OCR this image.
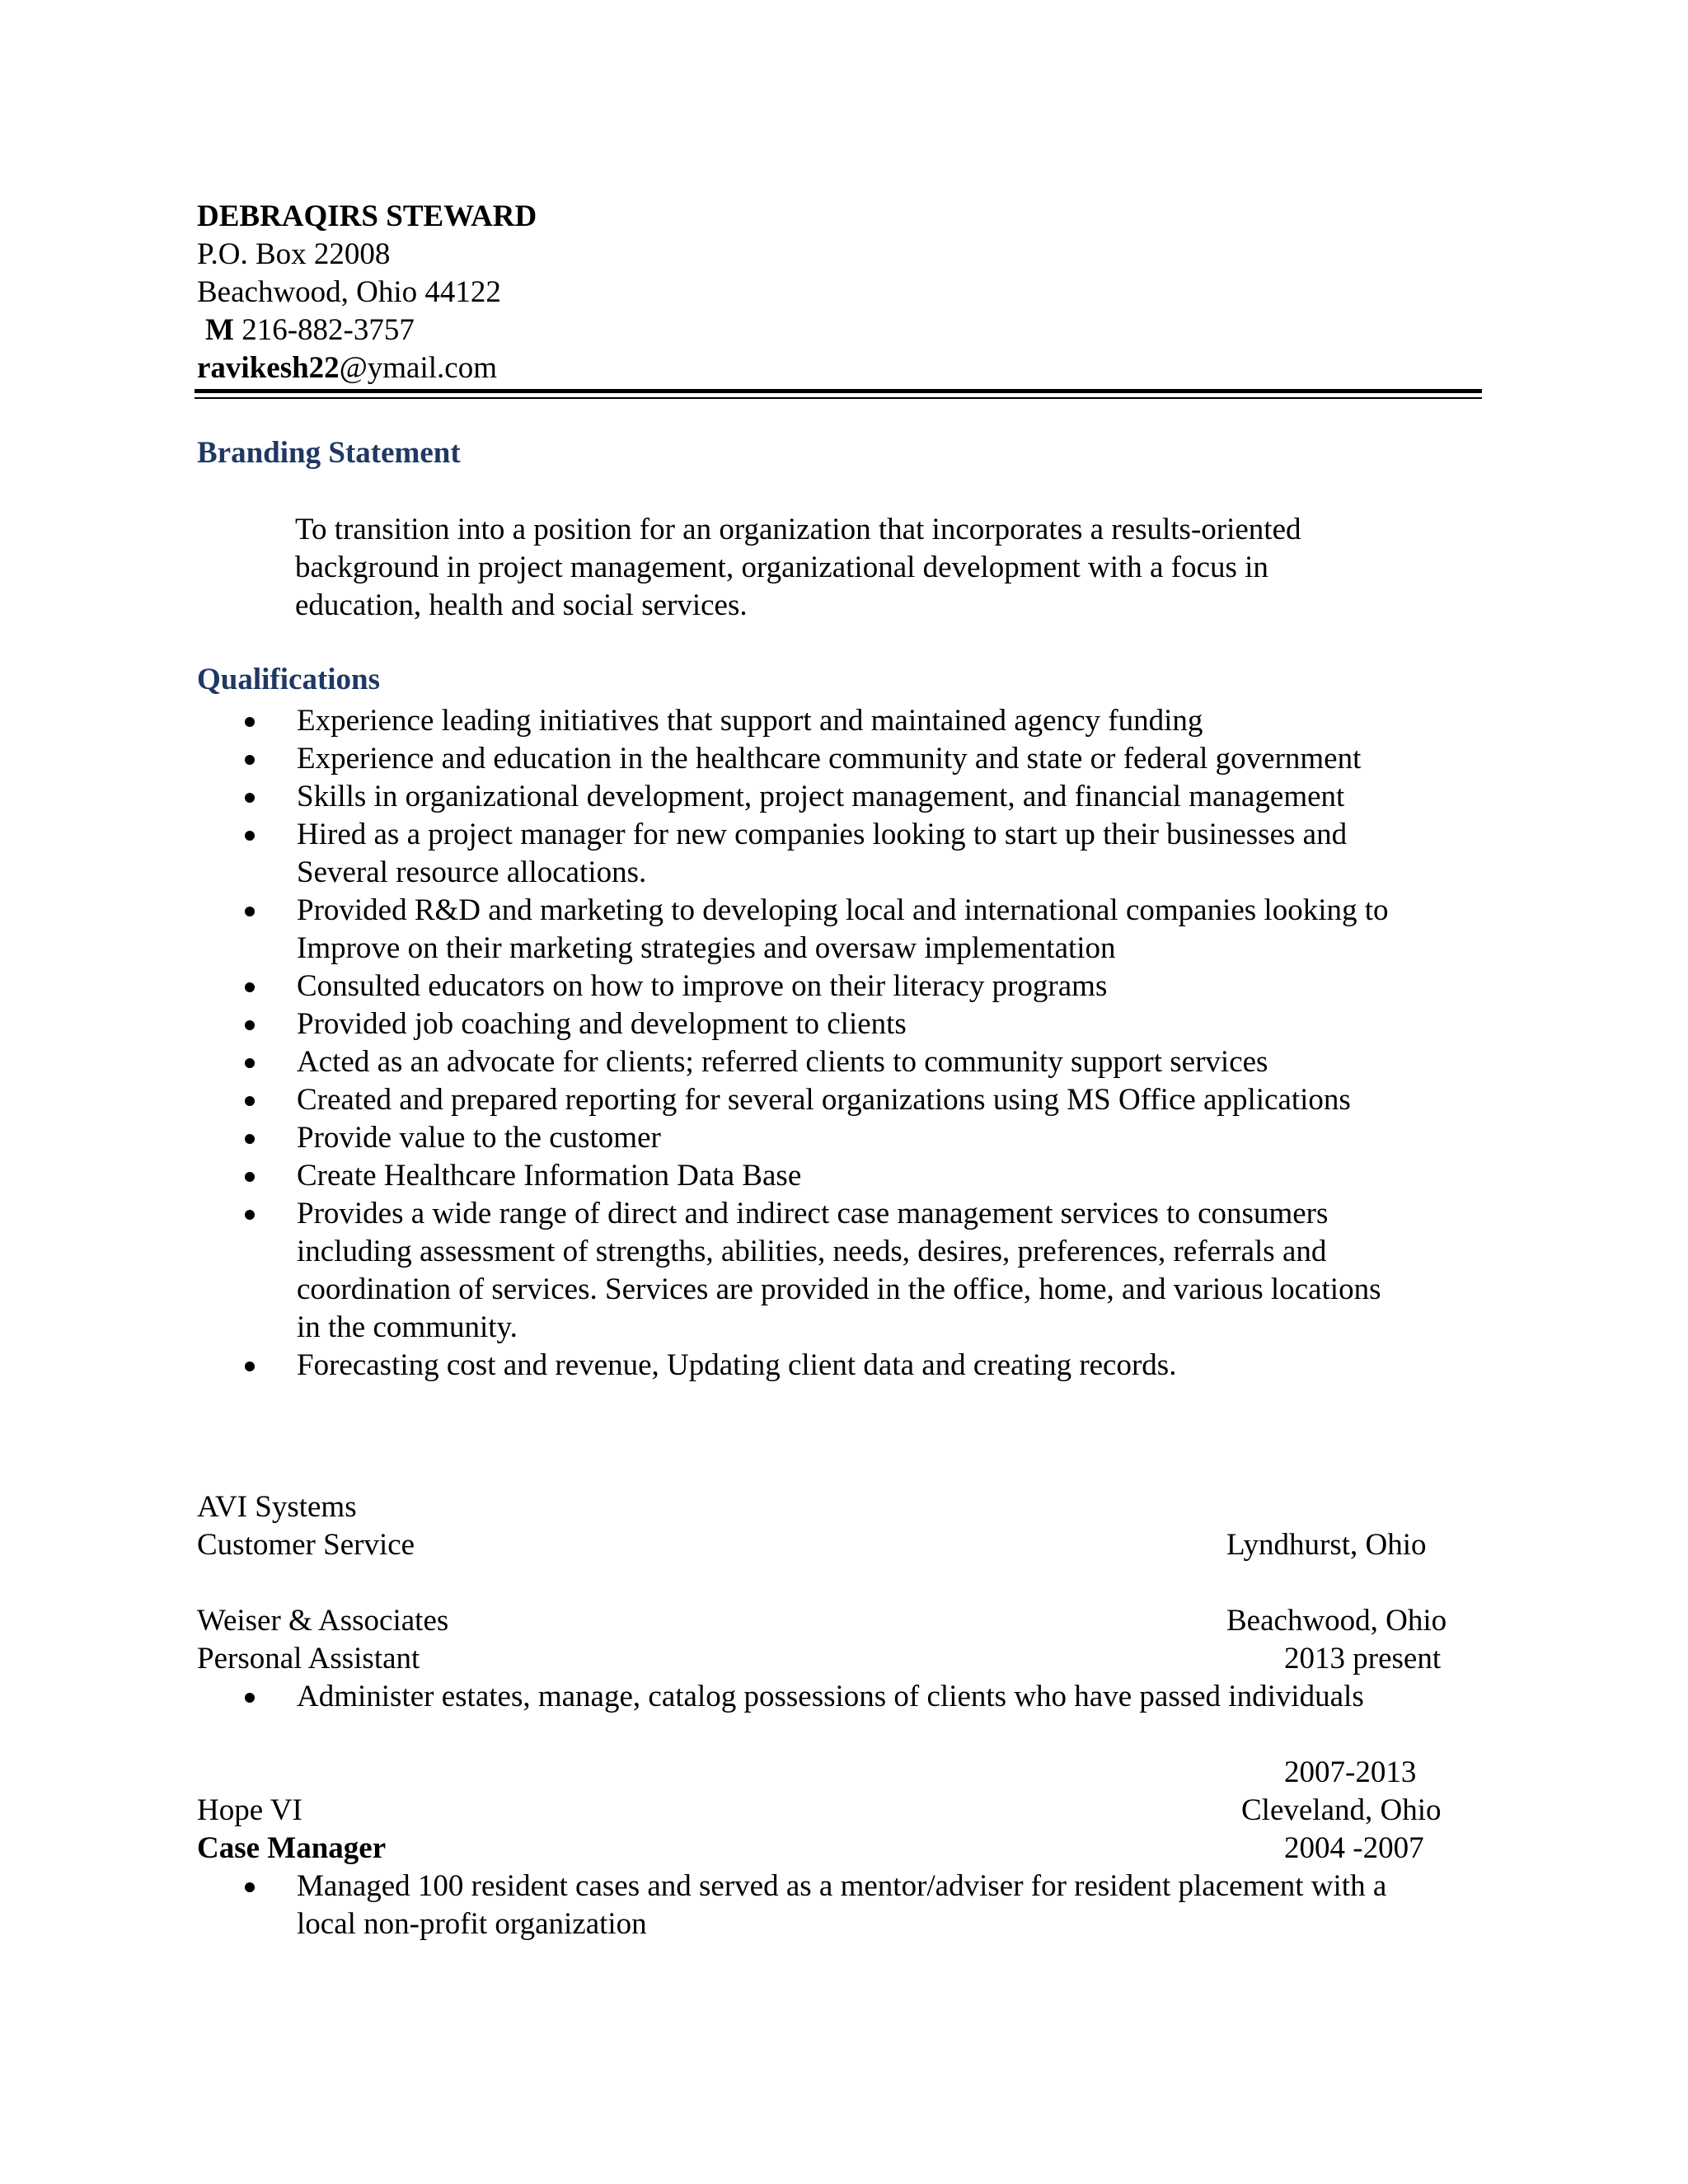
DEBRAQIRS STEWARD
P.O. Box 22008
Beachwood, Ohio 44122
M 216-882-3757
ravikesh22@ymail.com
Branding Statement
To transition into a position for an organization that incorporates a results-oriented
background in project management, organizational development with a focus in
education, health and social services.
Qualifications
Experience leading initiatives that support and maintained agency funding
Experience and education in the healthcare community and state or federal government
Skills in organizational development, project management, and financial management
Hired as a project manager for new companies looking to start up their businesses and
Several resource allocations.
Provided R&D and marketing to developing local and international companies looking to
Improve on their marketing strategies and oversaw implementation
Consulted educators on how to improve on their literacy programs
Provided job coaching and development to clients
Acted as an advocate for clients; referred clients to community support services
Created and prepared reporting for several organizations using MS Office applications
Provide value to the customer
Create Healthcare Information Data Base
Provides a wide range of direct and indirect case management services to consumers
including assessment of strengths, abilities, needs, desires, preferences, referrals and
coordination of services. Services are provided in the office, home, and various locations
in the community.
Forecasting cost and revenue, Updating client data and creating records.
AVI Systems
Customer Service	Lyndhurst, Ohio
Weiser & Associates	Beachwood, Ohio
Personal Assistant	2013 present
Administer estates, manage, catalog possessions of clients who have passed individuals
2007-2013
Hope VI	Cleveland, Ohio
Case Manager	2004 -2007
Managed 100 resident cases and served as a mentor/adviser for resident placement with a
local non-profit organization
